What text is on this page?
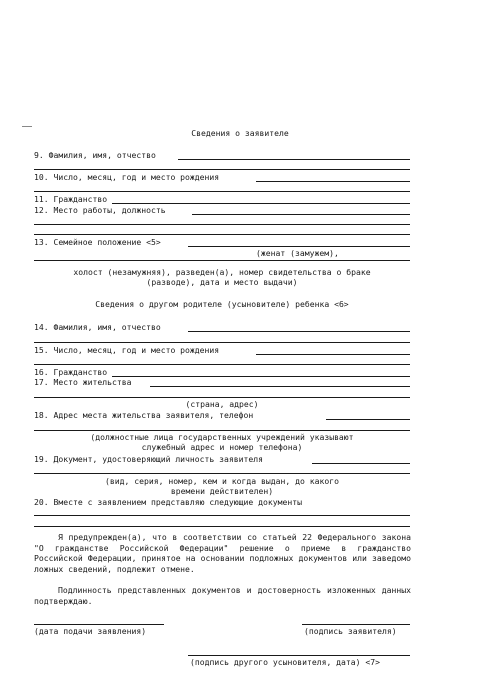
Сведения о заявителе
9. Фамилия, имя, отчество
10. Число, месяц, год и место рождения
11. Гражданство
12. Место работы, должность
13. Семейное положение <5>
(женат (замужем),
холост (незамужняя), разведен(а), номер свидетельства о браке
(разводе), дата и место выдачи)
Сведения о другом родителе (усыновителе) ребенка <6>
14. Фамилия, имя, отчество
15. Число, месяц, год и место рождения
16. Гражданство
17. Место жительства
(страна, адрес)
18. Адрес места жительства заявителя, телефон
(должностные лица государственных учреждений указывают
служебный адрес и номер телефона)
19. Документ, удостоверяющий личность заявителя
(вид, серия, номер, кем и когда выдан, до какого
времени действителен)
20. Вместе с заявлением представляю следующие документы
Я предупрежден(а), что в соответствии со статьей 22 Федерального закона "О гражданстве Российской Федерации" решение о приеме в гражданство Российской Федерации, принятое на основании подложных документов или заведомо ложных сведений, подлежит отмене.
Подлинность представленных документов и достоверность изложенных данных подтверждаю.
(дата подачи заявления)	(подпись заявителя)
(подпись другого усыновителя, дата) <7>
